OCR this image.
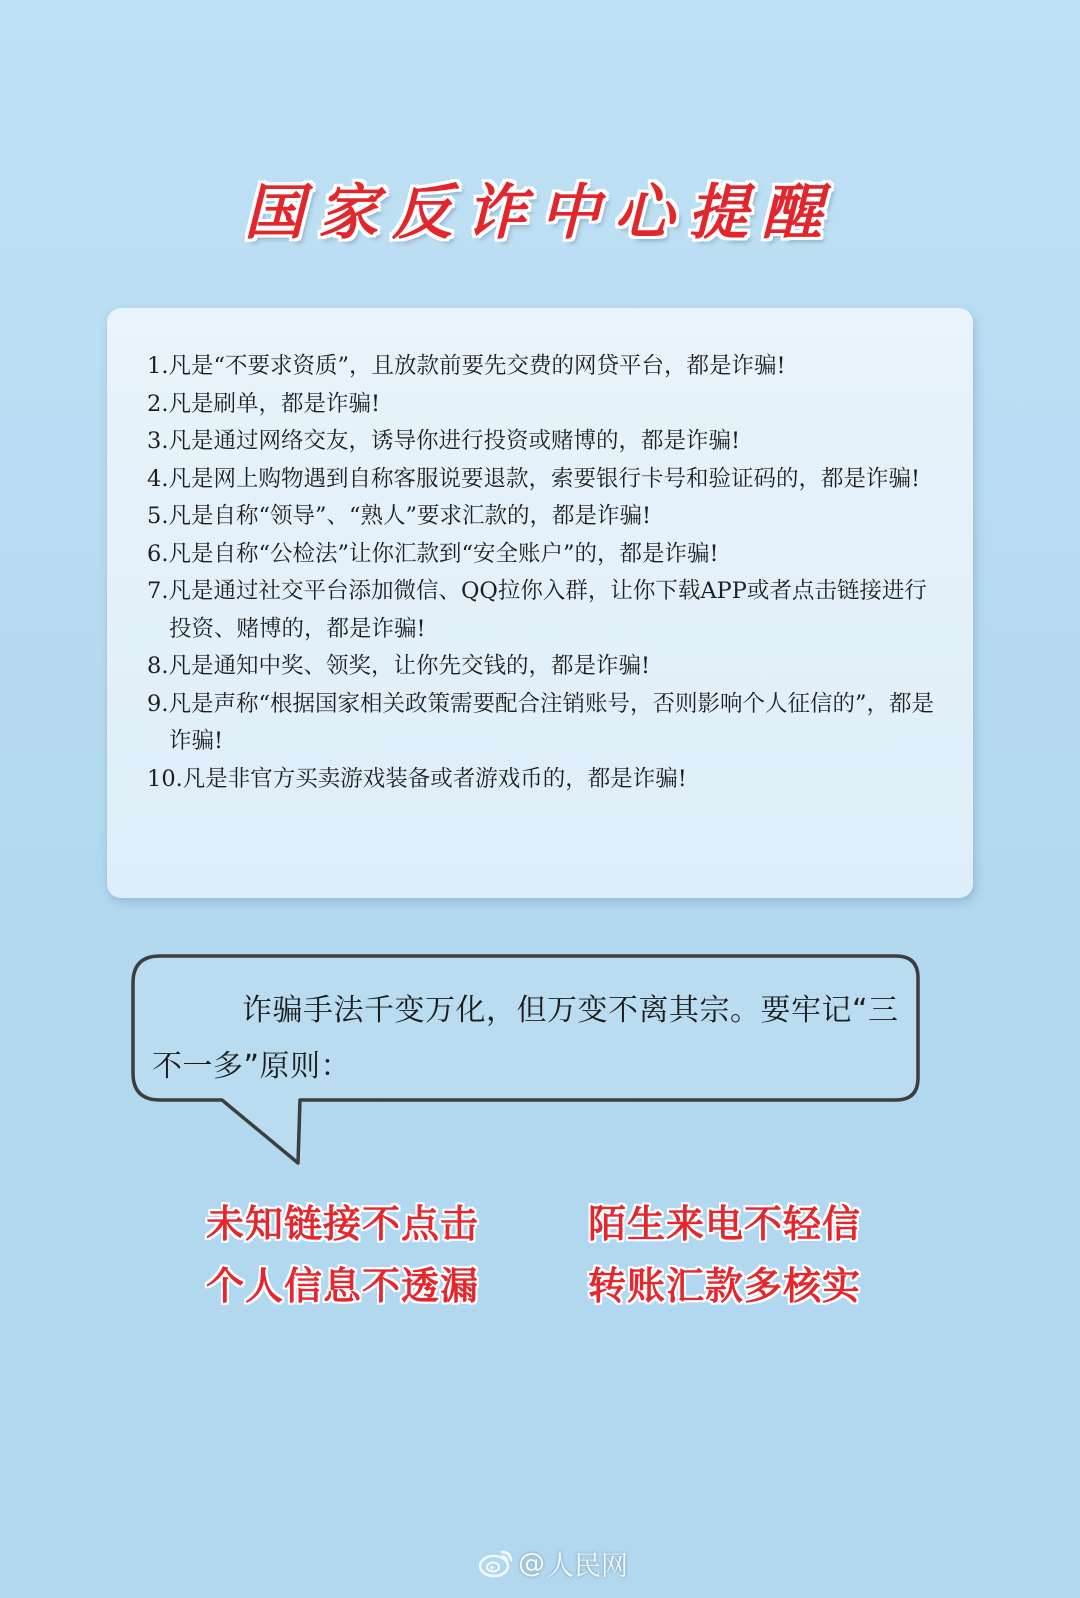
国家反诈中心提醒
1.凡是“不要求资质”，且放款前要先交费的网贷平台，都是诈骗!
2.凡是刷单，都是诈骗!
3.凡是通过网络交友，诱导你进行投资或赌博的，都是诈骗!
4.凡是网上购物遇到自称客服说要退款，索要银行卡号和验证码的，都是诈骗!
5.凡是自称“领导”、“熟人”要求汇款的，都是诈骗!
6.凡是自称“公检法”让你汇款到“安全账户”的，都是诈骗!
7.凡是通过社交平台添加微信、QQ拉你入群，让你下载APP或者点击链接进行投资、赌博的，都是诈骗!
8.凡是通知中奖、领奖，让你先交钱的，都是诈骗!
9.凡是声称“根据国家相关政策需要配合注销账号，否则影响个人征信的”，都是诈骗!
10.凡是非官方买卖游戏装备或者游戏币的，都是诈骗!
诈骗手法千变万化，但万变不离其宗。要牢记“三不一多”原则：
未知链接不点击	陌生来电不轻信
个人信息不透漏	转账汇款多核实
@ 人民网
